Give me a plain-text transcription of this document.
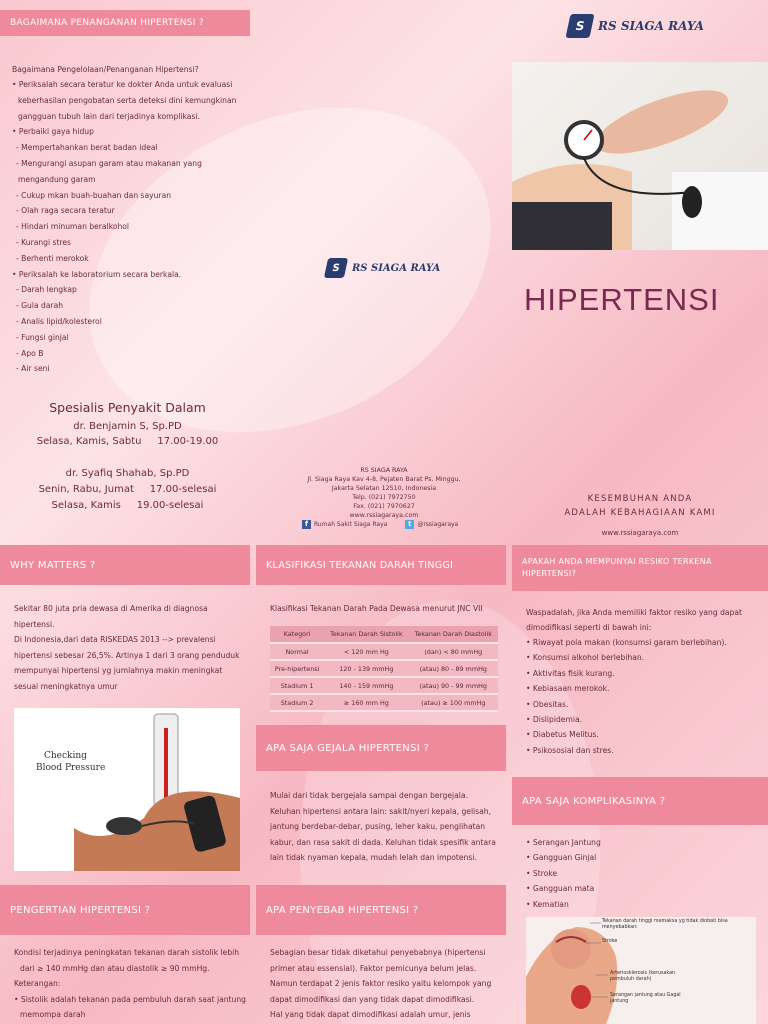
BAGAIMANA PENANGANAN HIPERTENSI ?

Bagaimana Pengelolaan/Penanganan Hipertensi?

• Periksalah secara teratur ke dokter Anda untuk evaluasi

keberhasilan pengobatan serta deteksi dini kemungkinan

gangguan tubuh lain dari terjadinya komplikasi.

• Perbaiki gaya hidup

- Mempertahankan berat badan ideal

- Mengurangi asupan garam atau makanan yang

mengandung garam

- Cukup mkan buah-buahan dan sayuran

- Olah raga secara teratur

- Hindari minuman beralkohol

- Kurangi stres

- Berhenti merokok

• Periksalah ke laboratorium secara berkala.

- Darah lengkap

- Gula darah

- Analis lipid/kolesterol

- Fungsi ginjal

- Apo B

- Air seni

Spesialis Penyakit Dalam
dr. Benjamin S, Sp.PD
Selasa, Kamis, Sabtu     17.00-19.00
dr. Syafiq Shahab, Sp.PD
Senin, Rabu, Jumat     17.00-selesai
Selasa, Kamis     19.00-selesai
S	RS SIAGA RAYA

RS SIAGA RAYA

Jl. Siaga Raya Kav 4-8, Pejaten Barat Ps. Minggu,

Jakarta Selatan 12510, Indonesia

Telp. (021) 7972750

Fax. (021) 7970627

www.rssiagaraya.com

f Rumah Sakit Siaga Raya	t @rssiagaraya
S	RS SIAGA RAYA
HIPERTENSI
KESEMBUHAN ANDA
ADALAH KEBAHAGIAAN KAMI
www.rssiagaraya.com
WHY MATTERS ?

Sekitar 80 juta pria dewasa di Amerika di diagnosa

hipertensi.

Di Indonesia,dari data RISKEDAS 2013 --> prevalensi

hipertensi sebesar 26,5%. Artinya 1 dari 3 orang penduduk

mempunyai hipertensi yg jumlahnya makin meningkat

sesuai meningkatnya umur

Checking
Blood Pressure
PENGERTIAN HIPERTENSI ?

Kondisi terjadinya peningkatan tekanan darah sistolik lebih

dari ≥ 140 mmHg dan atau diastolik ≥ 90 mmHg.

Keterangan:

• Sistolik adalah tekanan pada pembuluh darah saat jantung

memompa darah

KLASIFIKASI TEKANAN DARAH TINGGI
Klasifikasi Tekanan Darah Pada Dewasa menurut JNC VII
Kategori	Tekanan Darah Sistolik	Tekanan Darah Diastolik
Normal	< 120 mm Hg	(dan) < 80 mmHg
Pre-hipertensi	120 - 139 mmHg	(atau) 80 - 89 mmHg
Stadium 1	140 - 159 mmHg	(atau) 90 - 99 mmHg
Stadium 2	≥ 160 mm Hg	(atau) ≥ 100 mmHg
APA SAJA GEJALA HIPERTENSI ?

Mulai dari tidak bergejala sampai dengan bergejala.

Keluhan hipertensi antara lain: sakit/nyeri kepala, gelisah,

jantung berdebar-debar, pusing, leher kaku, penglihatan

kabur, dan rasa sakit di dada. Keluhan tidak spesifik antara

lain tidak nyaman kepala, mudah lelah dan impotensi.

APA PENYEBAB HIPERTENSI ?

Sebagian besar tidak diketahui penyebabnya (hipertensi

primer atau essensial). Faktor pemicunya belum jelas.

Namun terdapat 2 jenis faktor resiko yaitu kelompok yang

dapat dimodifikasi dan yang tidak dapat dimodifikasi.

Hal yang tidak dapat dimodifikasi adalah umur, jenis

APAKAH ANDA MEMPUNYAI RESIKO TERKENA HIPERTENSI?

Waspadalah, jika Anda memiliki faktor resiko yang dapat

dimodifikasi seperti di bawah ini:

• Riwayat pola makan (konsumsi garam berlebihan).

• Konsumsi alkohol berlebihan.

• Aktivitas fisik kurang.

• Kebiasaan merokok.

• Obesitas.

• Dislipidemia.

• Diabetus Melitus.

• Psikososial dan stres.

APA SAJA KOMPLIKASINYA ?

• Serangan Jantung

• Gangguan Ginjal

• Stroke

• Gangguan mata

• Kematian

Tekanan darah tinggi memaksa yg tidak diobati bisa menyebabkan:
Stroke
Arteriosklerosis (kerusakan pembuluh darah)
Serangan jantung atau Gagal jantung
